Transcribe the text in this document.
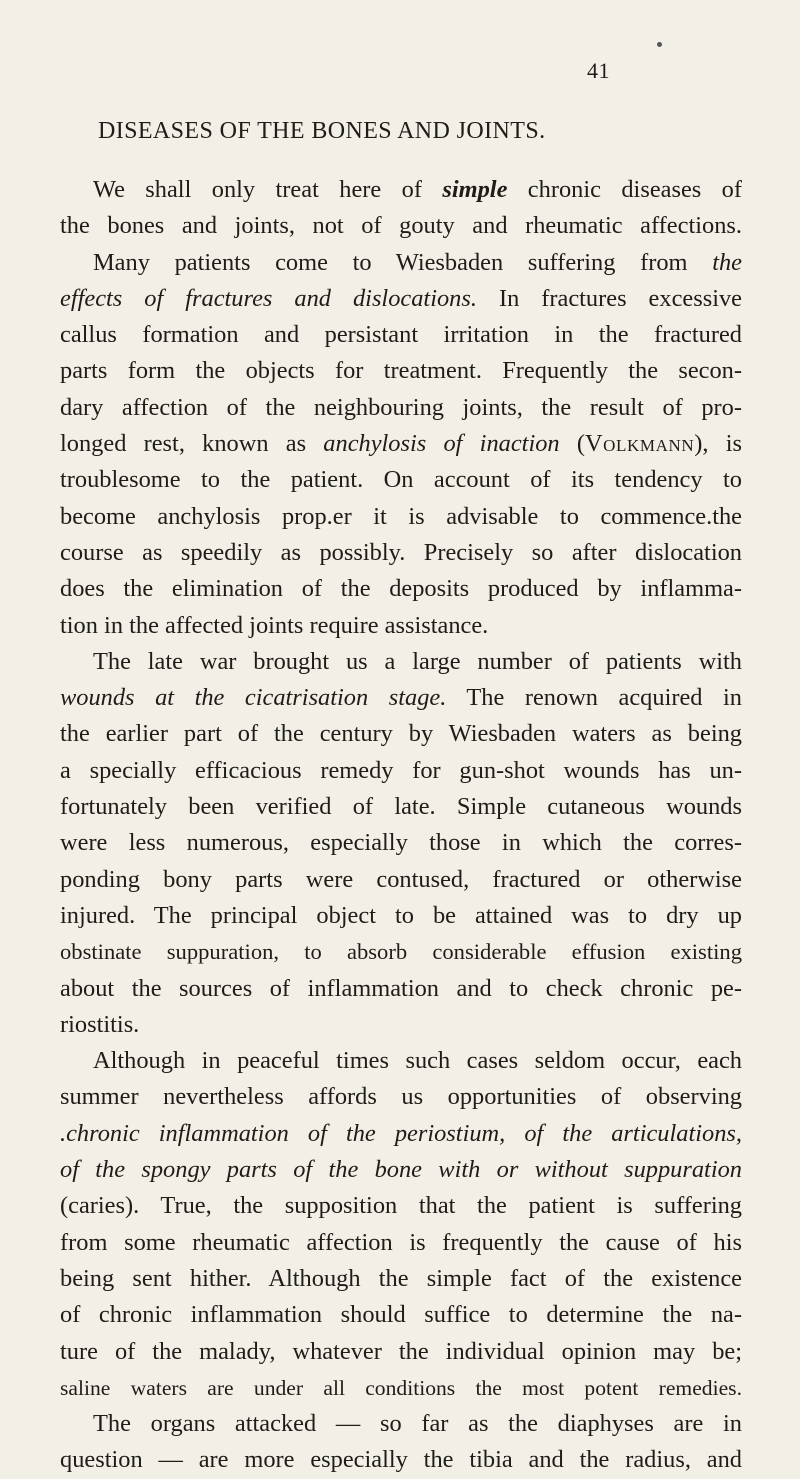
41
DISEASES OF THE BONES AND JOINTS.
We shall only treat here of simple chronic diseases of
the bones and joints, not of gouty and rheumatic affections.
Many patients come to Wiesbaden suffering from the
effects of fractures and dislocations. In fractures excessive
callus formation and persistant irritation in the fractured
parts form the objects for treatment. Frequently the secon-
dary affection of the neighbouring joints, the result of pro-
longed rest, known as anchylosis of inaction (Volkmann), is
troublesome to the patient. On account of its tendency to
become anchylosis prop.er it is advisable to commence.the
course as speedily as possibly. Precisely so after dislocation
does the elimination of the deposits produced by inflamma-
tion in the affected joints require assistance.
The late war brought us a large number of patients with
wounds at the cicatrisation stage. The renown acquired in
the earlier part of the century by Wiesbaden waters as being
a specially efficacious remedy for gun-shot wounds has un-
fortunately been verified of late. Simple cutaneous wounds
were less numerous, especially those in which the corres-
ponding bony parts were contused, fractured or otherwise
injured. The principal object to be attained was to dry up
obstinate suppuration, to absorb considerable effusion existing
about the sources of inflammation and to check chronic pe-
riostitis.
Although in peaceful times such cases seldom occur, each
summer nevertheless affords us opportunities of observing
.chronic inflammation of the periostium, of the articulations,
of the spongy parts of the bone with or without suppuration
(caries). True, the supposition that the patient is suffering
from some rheumatic affection is frequently the cause of his
being sent hither. Although the simple fact of the existence
of chronic inflammation should suffice to determine the na-
ture of the malady, whatever the individual opinion may be;
saline waters are under all conditions the most potent remedies.
The organs attacked — so far as the diaphyses are in
question — are more especially the tibia and the radius, and
